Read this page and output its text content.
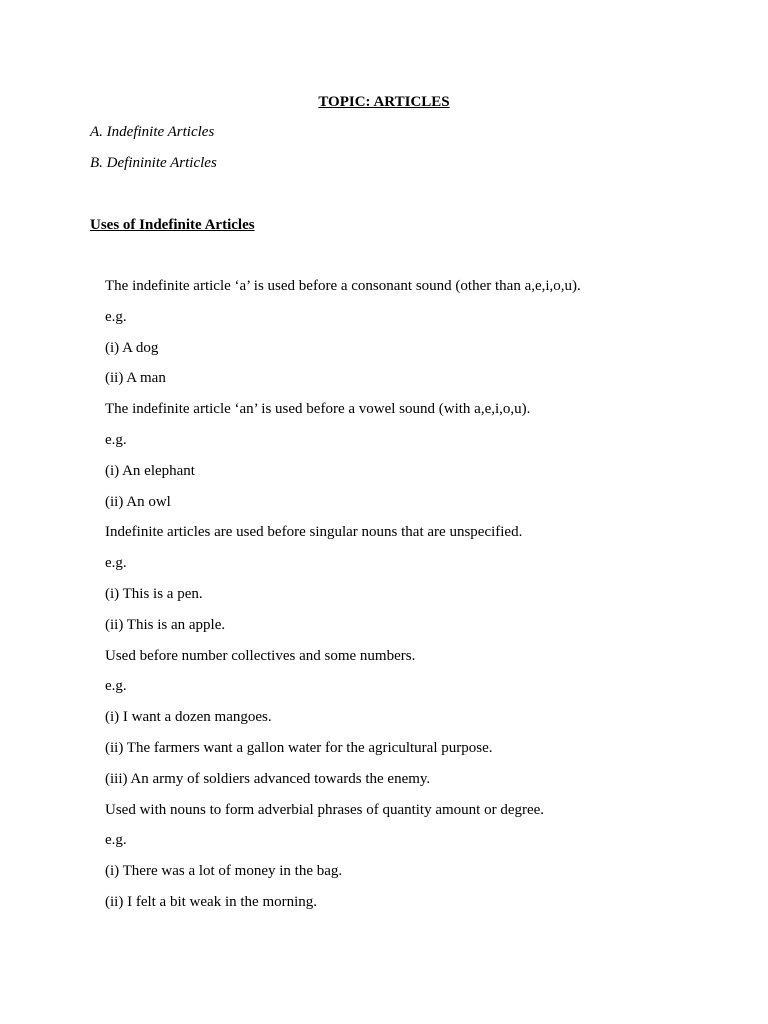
TOPIC: ARTICLES
A. Indefinite Articles
B. Defininite Articles
Uses of Indefinite Articles
The indefinite article ‘a’ is used before a consonant sound (other than a,e,i,o,u).
e.g.
(i) A dog
(ii) A man
The indefinite article ‘an’ is used before a vowel sound (with a,e,i,o,u).
e.g.
(i) An elephant
(ii) An owl
Indefinite articles are used before singular nouns that are unspecified.
e.g.
(i) This is a pen.
(ii) This is an apple.
Used before number collectives and some numbers.
e.g.
(i) I want a dozen mangoes.
(ii) The farmers want a gallon water for the agricultural purpose.
(iii) An army of soldiers advanced towards the enemy.
Used with nouns to form adverbial phrases of quantity amount or degree.
e.g.
(i) There was a lot of money in the bag.
(ii) I felt a bit weak in the morning.
